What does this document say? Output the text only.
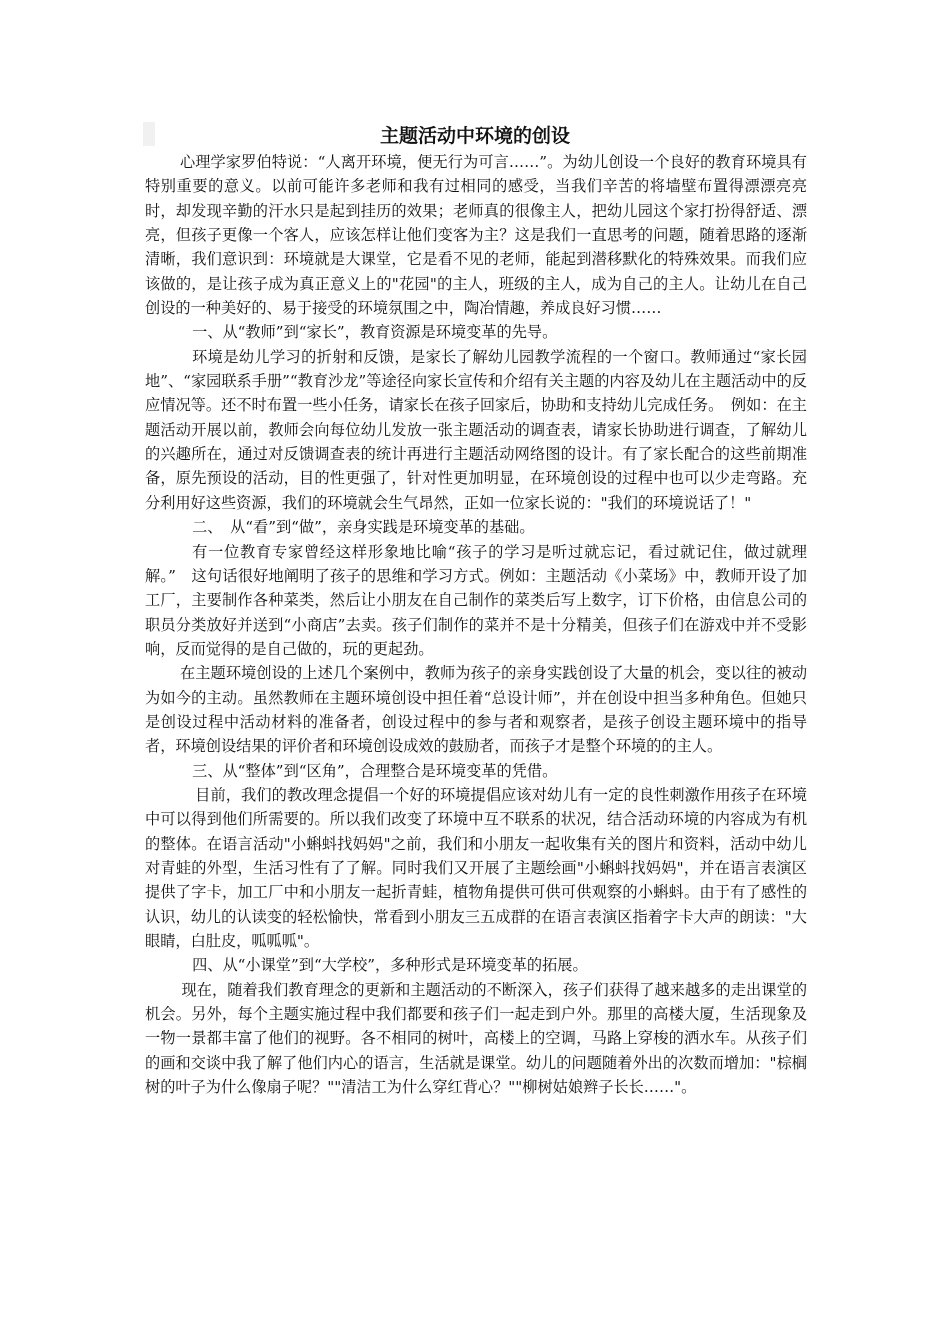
主题活动中环境的创设

心理学家罗伯特说：“人离开环境，便无行为可言……”。为幼儿创设一个良好的教育环境具有特别重要的意义。以前可能许多老师和我有过相同的感受，当我们辛苦的将墙壁布置得漂漂亮亮时，却发现辛勤的汗水只是起到挂历的效果；老师真的很像主人，把幼儿园这个家打扮得舒适、漂亮，但孩子更像一个客人，应该怎样让他们变客为主？这是我们一直思考的问题，随着思路的逐渐清晰，我们意识到：环境就是大课堂，它是看不见的老师，能起到潜移默化的特殊效果。而我们应该做的，是让孩子成为真正意义上的"花园"的主人，班级的主人，成为自己的主人。让幼儿在自己创设的一种美好的、易于接受的环境氛围之中，陶冶情趣，养成良好习惯……

一、从“教师”到“家长”，教育资源是环境变革的先导。

环境是幼儿学习的折射和反馈，是家长了解幼儿园教学流程的一个窗口。教师通过“家长园地”、“家园联系手册”“教育沙龙”等途径向家长宣传和介绍有关主题的内容及幼儿在主题活动中的反应情况等。还不时布置一些小任务，请家长在孩子回家后，协助和支持幼儿完成任务。　例如：在主题活动开展以前，教师会向每位幼儿发放一张主题活动的调查表，请家长协助进行调查，了解幼儿的兴趣所在，通过对反馈调查表的统计再进行主题活动网络图的设计。有了家长配合的这些前期准备，原先预设的活动，目的性更强了，针对性更加明显，在环境创设的过程中也可以少走弯路。充分利用好这些资源，我们的环境就会生气昂然，正如一位家长说的："我们的环境说话了！"

二、　从“看”到“做”，亲身实践是环境变革的基础。

有一位教育专家曾经这样形象地比喻“孩子的学习是听过就忘记，看过就记住，做过就理解。”　这句话很好地阐明了孩子的思维和学习方式。例如：主题活动《小菜场》中，教师开设了加工厂，主要制作各种菜类，然后让小朋友在自己制作的菜类后写上数字，订下价格，由信息公司的职员分类放好并送到“小商店”去卖。孩子们制作的菜并不是十分精美，但孩子们在游戏中并不受影响，反而觉得的是自己做的，玩的更起劲。

在主题环境创设的上述几个案例中，教师为孩子的亲身实践创设了大量的机会，变以往的被动为如今的主动。虽然教师在主题环境创设中担任着“总设计师”，并在创设中担当多种角色。但她只是创设过程中活动材料的准备者，创设过程中的参与者和观察者，是孩子创设主题环境中的指导者，环境创设结果的评价者和环境创设成效的鼓励者，而孩子才是整个环境的的主人。

三、从“整体”到“区角”，合理整合是环境变革的凭借。

目前，我们的教改理念提倡一个好的环境提倡应该对幼儿有一定的良性刺激作用孩子在环境中可以得到他们所需要的。所以我们改变了环境中互不联系的状况，结合活动环境的内容成为有机的整体。在语言活动"小蝌蚪找妈妈"之前，我们和小朋友一起收集有关的图片和资料，活动中幼儿对青蛙的外型，生活习性有了了解。同时我们又开展了主题绘画"小蝌蚪找妈妈"，并在语言表演区提供了字卡，加工厂中和小朋友一起折青蛙，植物角提供可供可供观察的小蝌蚪。由于有了感性的认识，幼儿的认读变的轻松愉快，常看到小朋友三五成群的在语言表演区指着字卡大声的朗读："大眼睛，白肚皮，呱呱呱"。

四、从“小课堂”到“大学校”，多种形式是环境变革的拓展。

现在，随着我们教育理念的更新和主题活动的不断深入，孩子们获得了越来越多的走出课堂的机会。另外，每个主题实施过程中我们都要和孩子们一起走到户外。那里的高楼大厦，生活现象及一物一景都丰富了他们的视野。各不相同的树叶，高楼上的空调，马路上穿梭的洒水车。从孩子们的画和交谈中我了解了他们内心的语言，生活就是课堂。幼儿的问题随着外出的次数而增加："棕榈树的叶子为什么像扇子呢？""清洁工为什么穿红背心？""柳树姑娘辫子长长……"。
